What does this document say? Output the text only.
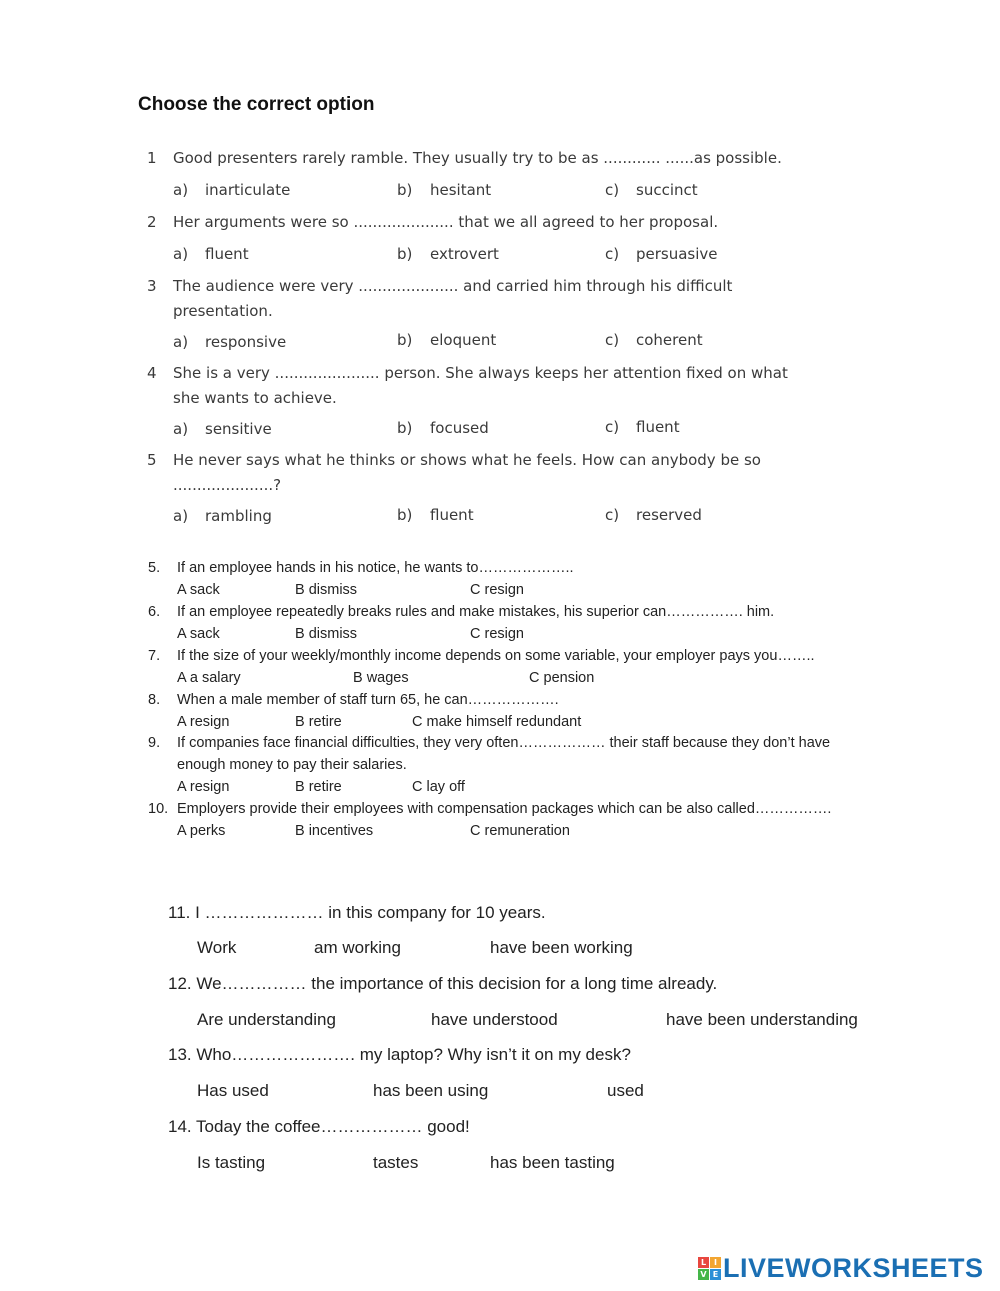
Choose the correct option
1 Good presenters rarely ramble. They usually try to be as ............ ......as possible.
a) inarticulate	b) hesitant	c) succinct
2 Her arguments were so ..................... that we all agreed to her proposal.
a) fluent	b) extrovert	c) persuasive
3 The audience were very ..................... and carried him through his difficult
presentation.
a) responsive	b) eloquent	c) coherent
4 She is a very ...................... person. She always keeps her attention fixed on what
she wants to achieve.
a) sensitive	b) focused	c) fluent
5 He never says what he thinks or shows what he feels. How can anybody be so
.....................?
a) rambling	b) fluent	c) reserved
5. If an employee hands in his notice, he wants to………………..
A sack	B dismiss	C resign
6. If an employee repeatedly breaks rules and make mistakes, his superior can……………. him.
A sack	B dismiss	C resign
7. If the size of your weekly/monthly income depends on some variable, your employer pays you……..
A a salary	B wages	C pension
8. When a male member of staff turn 65, he can……………….
A resign	B retire	C make himself redundant
9. If companies face financial difficulties, they very often……………… their staff because they don’t have
enough money to pay their salaries.
A resign	B retire	C lay off
10. Employers provide their employees with compensation packages which can be also called…………….
A perks	B incentives	C remuneration
11. I ………………… in this company for 10 years.
Work	am working	have been working
12. We…………… the importance of this decision for a long time already.
Are understanding	have understood	have been understanding
13. Who…………………. my laptop? Why isn’t it on my desk?
Has used	has been using	used
14. Today the coffee……………… good!
Is tasting	tastes	has been tasting
L I
V E LIVEWORKSHEETS
